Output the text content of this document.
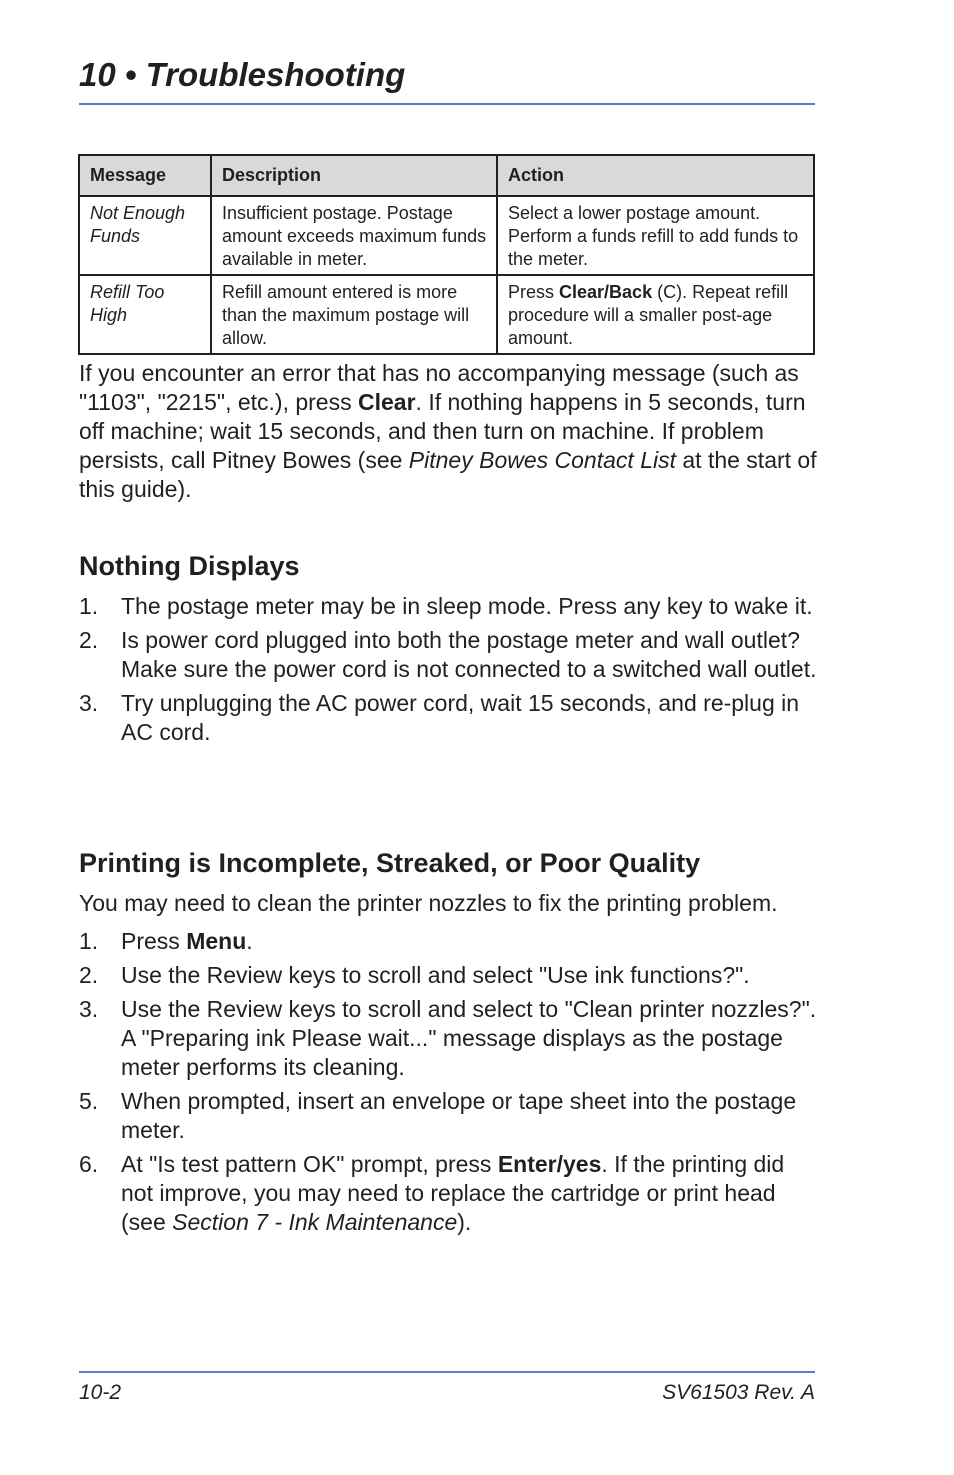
10 • Troubleshooting
Message	Description	Action
Not Enough Funds	Insufficient postage. Postage amount exceeds maximum funds available in meter.	Select a lower postage amount. Perform a funds refill to add funds to the meter.
Refill Too High	Refill amount entered is more than the maximum postage will allow.	Press Clear/Back (C). Repeat refill procedure will a smaller post-age amount.

If you encounter an error that has no accompanying message (such as "1103", "2215", etc.), press Clear. If nothing happens in 5 seconds, turn off machine; wait 15 seconds, and then turn on machine. If problem persists, call Pitney Bowes (see Pitney Bowes Contact List at the start of this guide).

Nothing Displays
1. The postage meter may be in sleep mode. Press any key to wake it.
2. Is power cord plugged into both the postage meter and wall outlet? Make sure the power cord is not connected to a switched wall outlet.
3. Try unplugging the AC power cord, wait 15 seconds, and re-plug in AC cord.
Printing is Incomplete, Streaked, or Poor Quality

You may need to clean the printer nozzles to fix the printing problem.

1. Press Menu.
2. Use the Review keys to scroll and select "Use ink functions?".
3. Use the Review keys to scroll and select to "Clean printer nozzles?". A "Preparing ink Please wait..." message displays as the postage meter performs its cleaning.
5. When prompted, insert an envelope or tape sheet into the postage meter.
6. At "Is test pattern OK" prompt, press Enter/yes. If the printing did not improve, you may need to replace the cartridge or print head (see Section 7 - Ink Maintenance).
10-2	SV61503 Rev. A
